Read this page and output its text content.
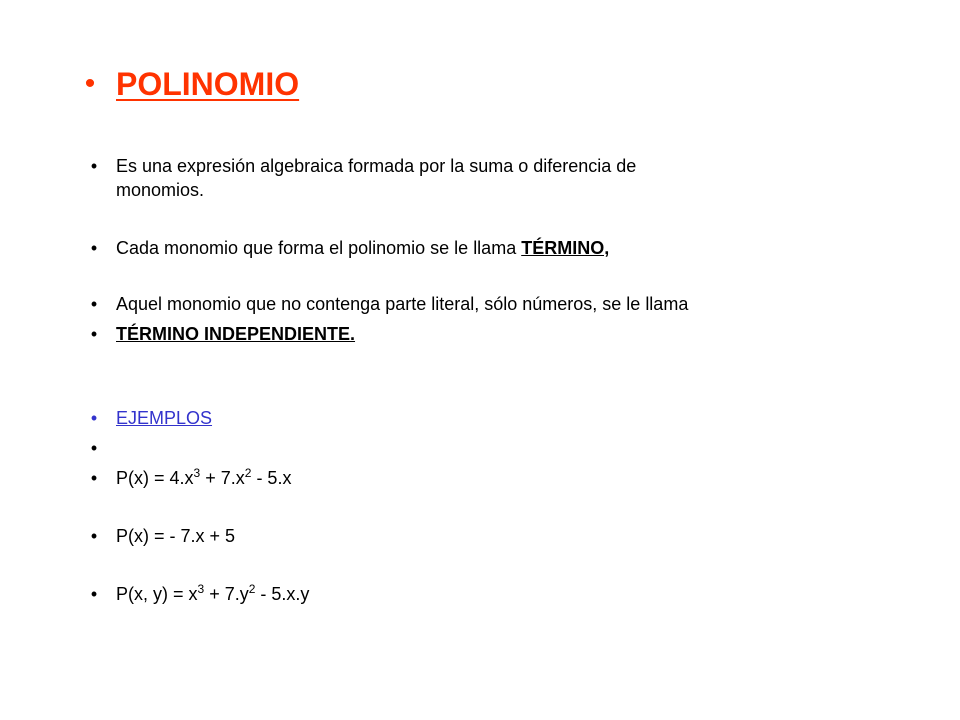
• POLINOMIO
•	Es una expresión algebraica formada por la suma o diferencia de
monomios.
•	Cada monomio que forma el polinomio se le llama TÉRMINO,
•	Aquel monomio que no contenga parte literal, sólo números, se le llama
•	TÉRMINO INDEPENDIENTE.
•	EJEMPLOS
•
•	$P(x) = 4.x^3 + 7.x^2 - 5.x$
•	P(x) = - 7.x + 5
•	P(x, $y) = x^3 + 7.y^2 - 5.x.y$
